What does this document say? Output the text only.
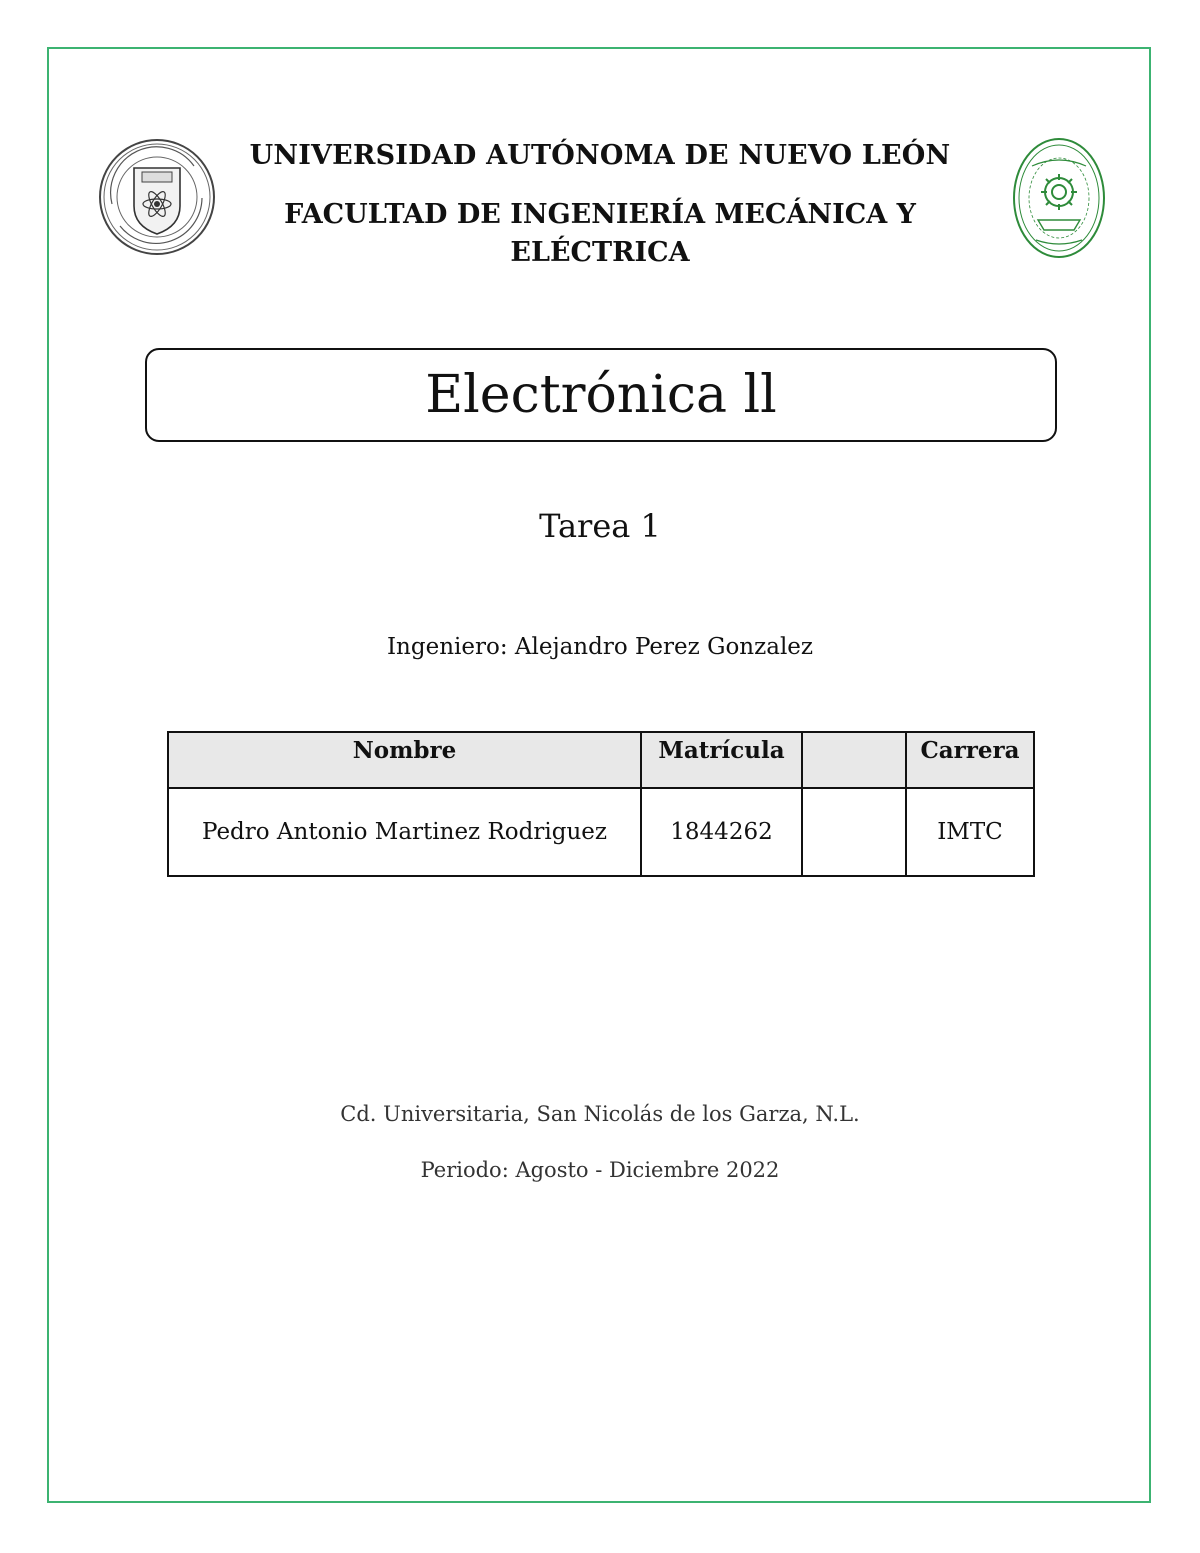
UNIVERSIDAD AUTÓNOMA DE NUEVO LEÓN
FACULTAD DE INGENIERÍA MECÁNICA Y ELÉCTRICA
Electrónica ll
Tarea 1
Ingeniero: Alejandro Perez Gonzalez
Nombre	Matrícula		Carrera
Pedro Antonio Martinez Rodriguez	1844262		IMTC
Cd. Universitaria, San Nicolás de los Garza, N.L.
Periodo: Agosto - Diciembre 2022
